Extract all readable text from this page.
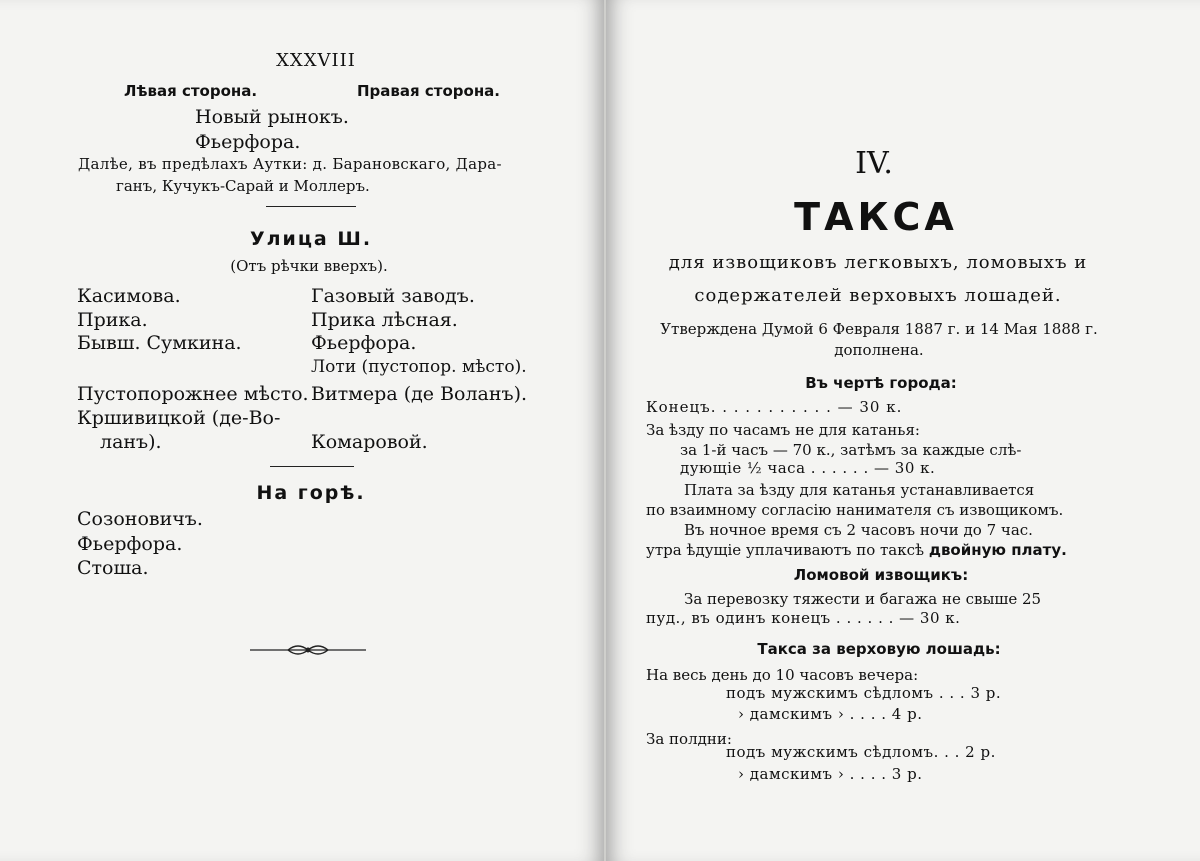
XXXVIII
Лѣвая сторона.	Правая сторона.
Новый рынокъ.
Фьерфора.
Далѣе, въ предѣлахъ Аутки: д. Барановскаго, Дара-
ганъ, Кучукъ-Сарай и Моллеръ.
Улица Ш.
(Отъ рѣчки вверхъ).
Касимова.
Прика.
Бывш. Сумкина.
Пустопорожнее мѣсто.
Кршивицкой (де-Во-
ланъ).
Газовый заводъ.
Прика лѣсная.
Фьерфора.
Лоти (пустопор. мѣсто).
Витмера (де Воланъ).
Комаровой.
На горѣ.
Созоновичъ.
Фьерфора.
Стоша.
IV.
ТАКСА
для извощиковъ легковыхъ, ломовыхъ и
содержателей верховыхъ лошадей.
Утверждена Думой 6 Февраля 1887 г. и 14 Мая 1888 г.
дополнена.
Въ чертѣ города:
Конецъ. . . . . . . . . . . — 30 к.
За ѣзду по часамъ не для катанья:
за 1-й часъ — 70 к., затѣмъ за каждые слѣ-
дующіе ½ часа . . . . . . — 30 к.
Плата за ѣзду для катанья устанавливается
по взаимному согласію нанимателя съ извощикомъ.
Въ ночное время съ 2 часовъ ночи до 7 час.
утра ѣдущіе уплачиваютъ по таксѣ двойную плату.
Ломовой извощикъ:
За перевозку тяжести и багажа не свыше 25
пуд., въ одинъ конецъ . . . . . . — 30 к.
Такса за верховую лошадь:
На весь день до 10 часовъ вечера:
подъ мужскимъ сѣдломъ . . . 3 р.
› дамскимъ › . . . . 4 р.
За полдни:
подъ мужскимъ сѣдломъ. . . 2 р.
› дамскимъ › . . . . 3 р.
